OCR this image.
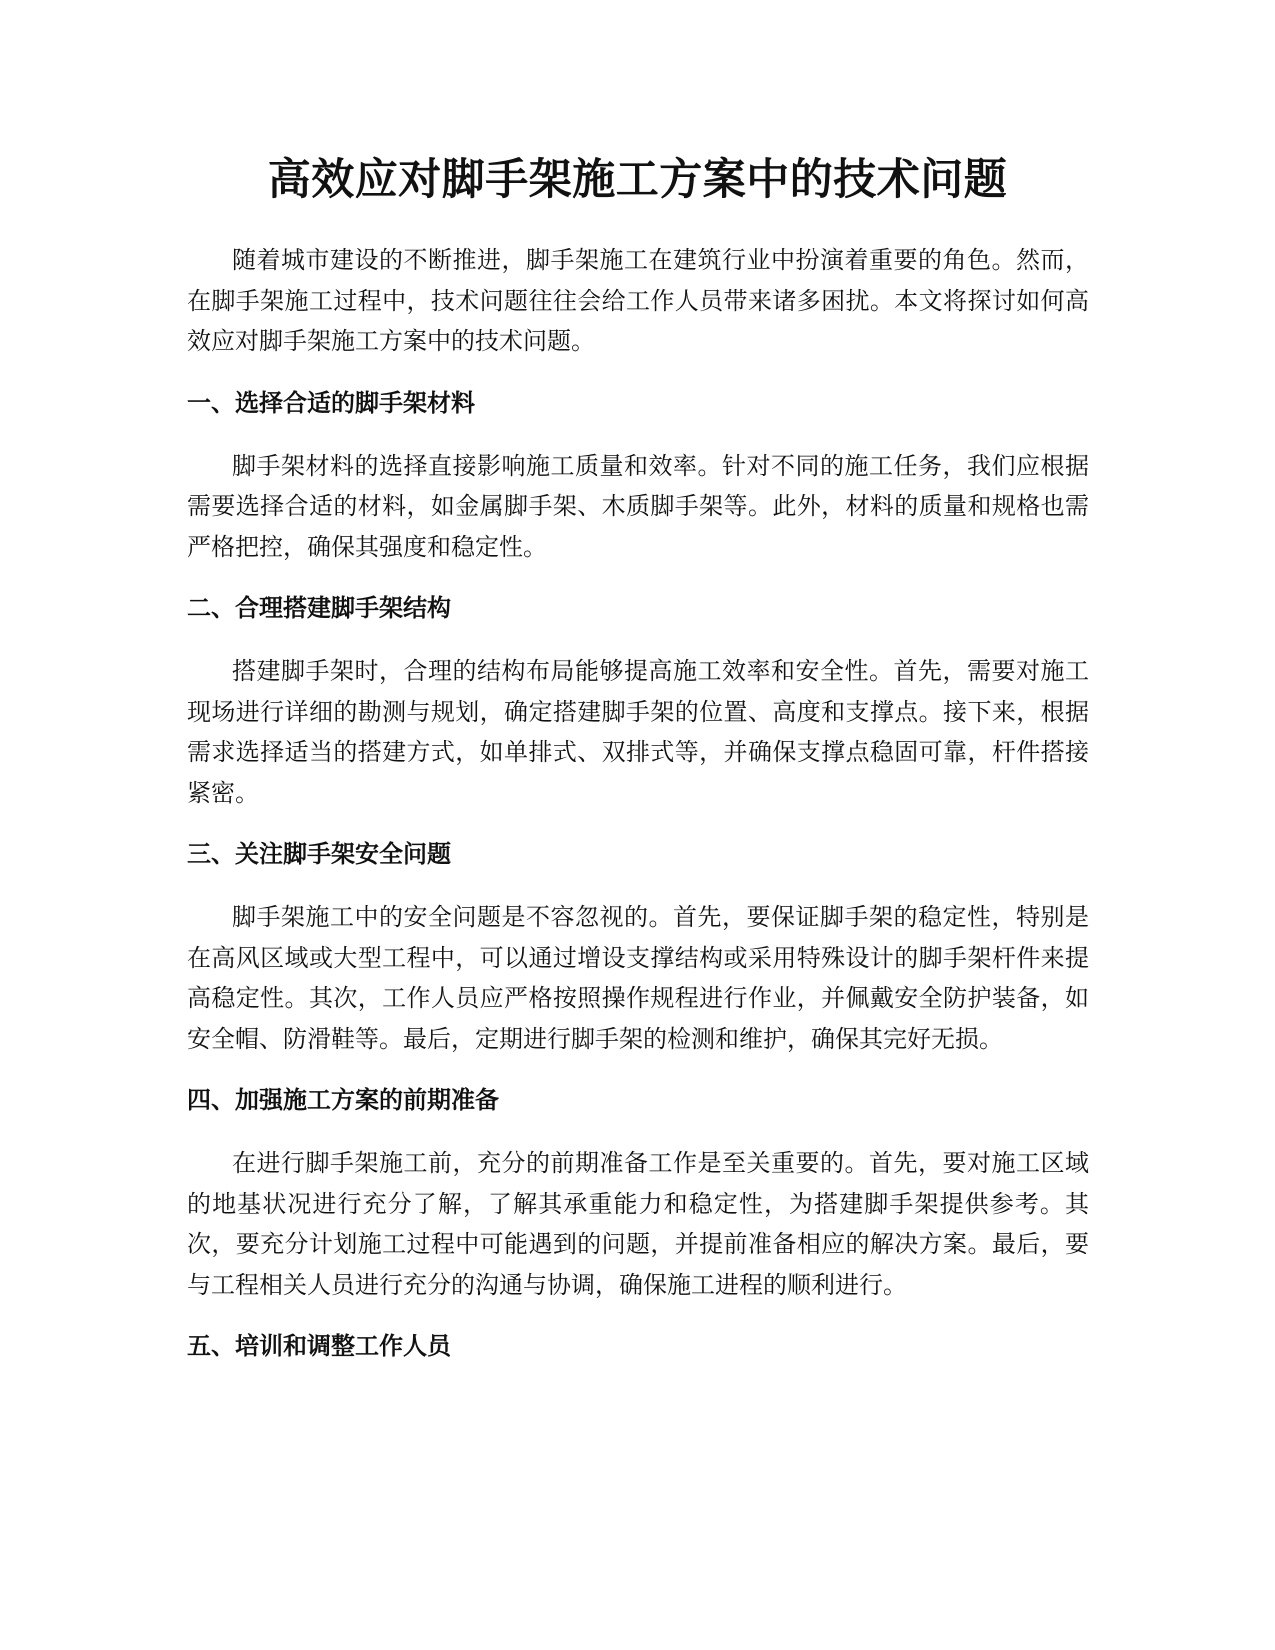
高效应对脚手架施工方案中的技术问题

随着城市建设的不断推进，脚手架施工在建筑行业中扮演着重要的角色。然而，在脚手架施工过程中，技术问题往往会给工作人员带来诸多困扰。本文将探讨如何高效应对脚手架施工方案中的技术问题。

一、选择合适的脚手架材料

脚手架材料的选择直接影响施工质量和效率。针对不同的施工任务，我们应根据需要选择合适的材料，如金属脚手架、木质脚手架等。此外，材料的质量和规格也需严格把控，确保其强度和稳定性。

二、合理搭建脚手架结构

搭建脚手架时，合理的结构布局能够提高施工效率和安全性。首先，需要对施工现场进行详细的勘测与规划，确定搭建脚手架的位置、高度和支撑点。接下来，根据需求选择适当的搭建方式，如单排式、双排式等，并确保支撑点稳固可靠，杆件搭接紧密。

三、关注脚手架安全问题

脚手架施工中的安全问题是不容忽视的。首先，要保证脚手架的稳定性，特别是在高风区域或大型工程中，可以通过增设支撑结构或采用特殊设计的脚手架杆件来提高稳定性。其次，工作人员应严格按照操作规程进行作业，并佩戴安全防护装备，如安全帽、防滑鞋等。最后，定期进行脚手架的检测和维护，确保其完好无损。

四、加强施工方案的前期准备

在进行脚手架施工前，充分的前期准备工作是至关重要的。首先，要对施工区域的地基状况进行充分了解，了解其承重能力和稳定性，为搭建脚手架提供参考。其次，要充分计划施工过程中可能遇到的问题，并提前准备相应的解决方案。最后，要与工程相关人员进行充分的沟通与协调，确保施工进程的顺利进行。

五、培训和调整工作人员
